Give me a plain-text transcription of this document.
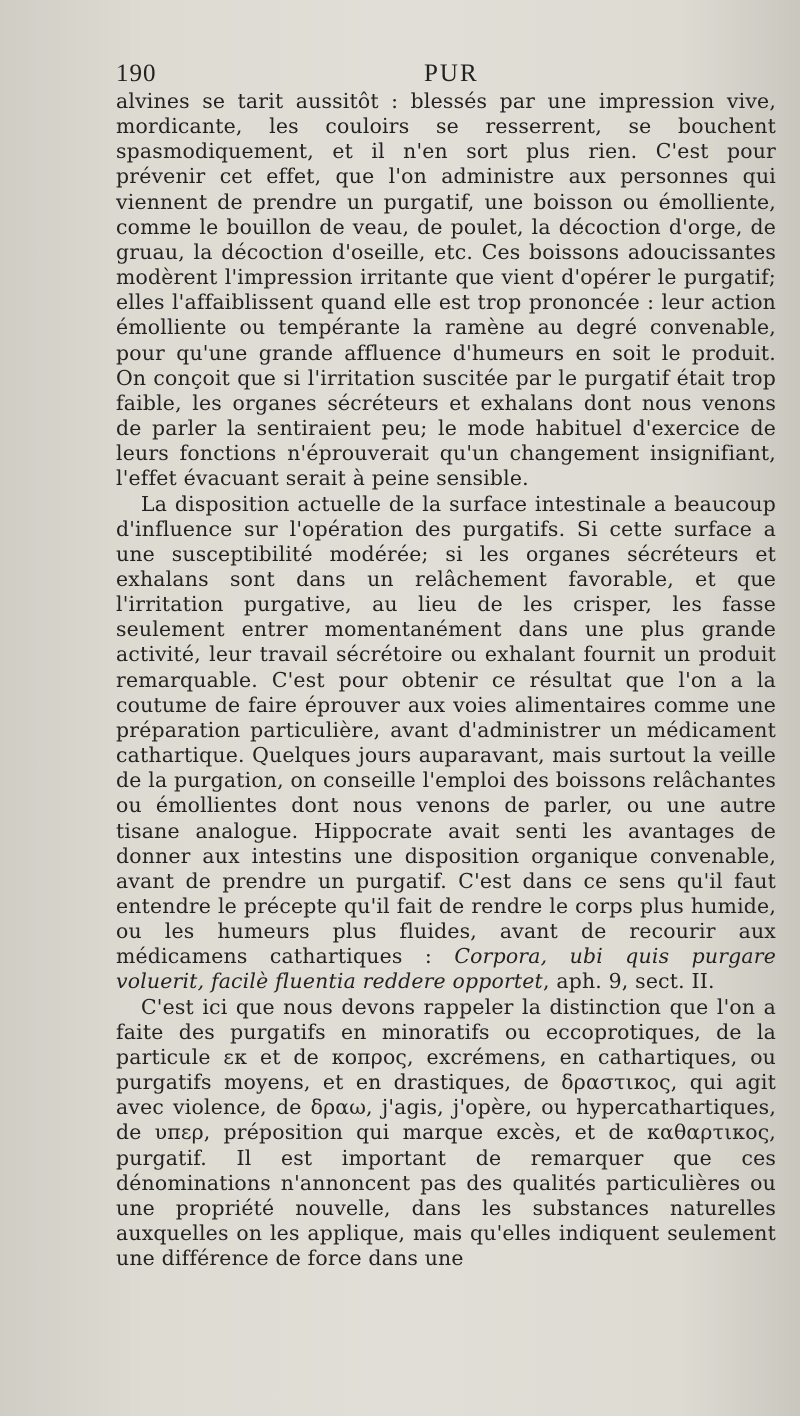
190	PUR

alvines se tarit aussitôt : blessés par une impression vive, mordicante, les couloirs se resserrent, se bouchent spasmodiquement, et il n'en sort plus rien. C'est pour prévenir cet effet, que l'on administre aux personnes qui viennent de prendre un purgatif, une boisson ou émolliente, comme le bouillon de veau, de poulet, la décoction d'orge, de gruau, la décoction d'oseille, etc. Ces boissons adoucissantes modèrent l'impression irritante que vient d'opérer le purgatif; elles l'affaiblissent quand elle est trop prononcée : leur action émolliente ou tempérante la ramène au degré convenable, pour qu'une grande affluence d'humeurs en soit le produit. On conçoit que si l'irritation suscitée par le purgatif était trop faible, les organes sécréteurs et exhalans dont nous venons de parler la sentiraient peu; le mode habituel d'exercice de leurs fonctions n'éprouverait qu'un changement insignifiant, l'effet évacuant serait à peine sensible.

La disposition actuelle de la surface intestinale a beaucoup d'influence sur l'opération des purgatifs. Si cette surface a une susceptibilité modérée; si les organes sécréteurs et exhalans sont dans un relâchement favorable, et que l'irritation purgative, au lieu de les crisper, les fasse seulement entrer momentanément dans une plus grande activité, leur travail sécrétoire ou exhalant fournit un produit remarquable. C'est pour obtenir ce résultat que l'on a la coutume de faire éprouver aux voies alimentaires comme une préparation particulière, avant d'administrer un médicament cathartique. Quelques jours auparavant, mais surtout la veille de la purgation, on conseille l'emploi des boissons relâchantes ou émollientes dont nous venons de parler, ou une autre tisane analogue. Hippocrate avait senti les avantages de donner aux intestins une disposition organique convenable, avant de prendre un purgatif. C'est dans ce sens qu'il faut entendre le précepte qu'il fait de rendre le corps plus humide, ou les humeurs plus fluides, avant de recourir aux médicamens cathartiques : Corpora, ubi quis purgare voluerit, facilè fluentia reddere opportet, aph. 9, sect. II.

C'est ici que nous devons rappeler la distinction que l'on a faite des purgatifs en minoratifs ou eccoprotiques, de la particule εκ et de κοπρος, excrémens, en cathartiques, ou purgatifs moyens, et en drastiques, de δραστικος, qui agit avec violence, de δραω, j'agis, j'opère, ou hypercathartiques, de υπερ, préposition qui marque excès, et de καθαρτικος, purgatif. Il est important de remarquer que ces dénominations n'annoncent pas des qualités particulières ou une propriété nouvelle, dans les substances naturelles auxquelles on les applique, mais qu'elles indiquent seulement une différence de force dans une
